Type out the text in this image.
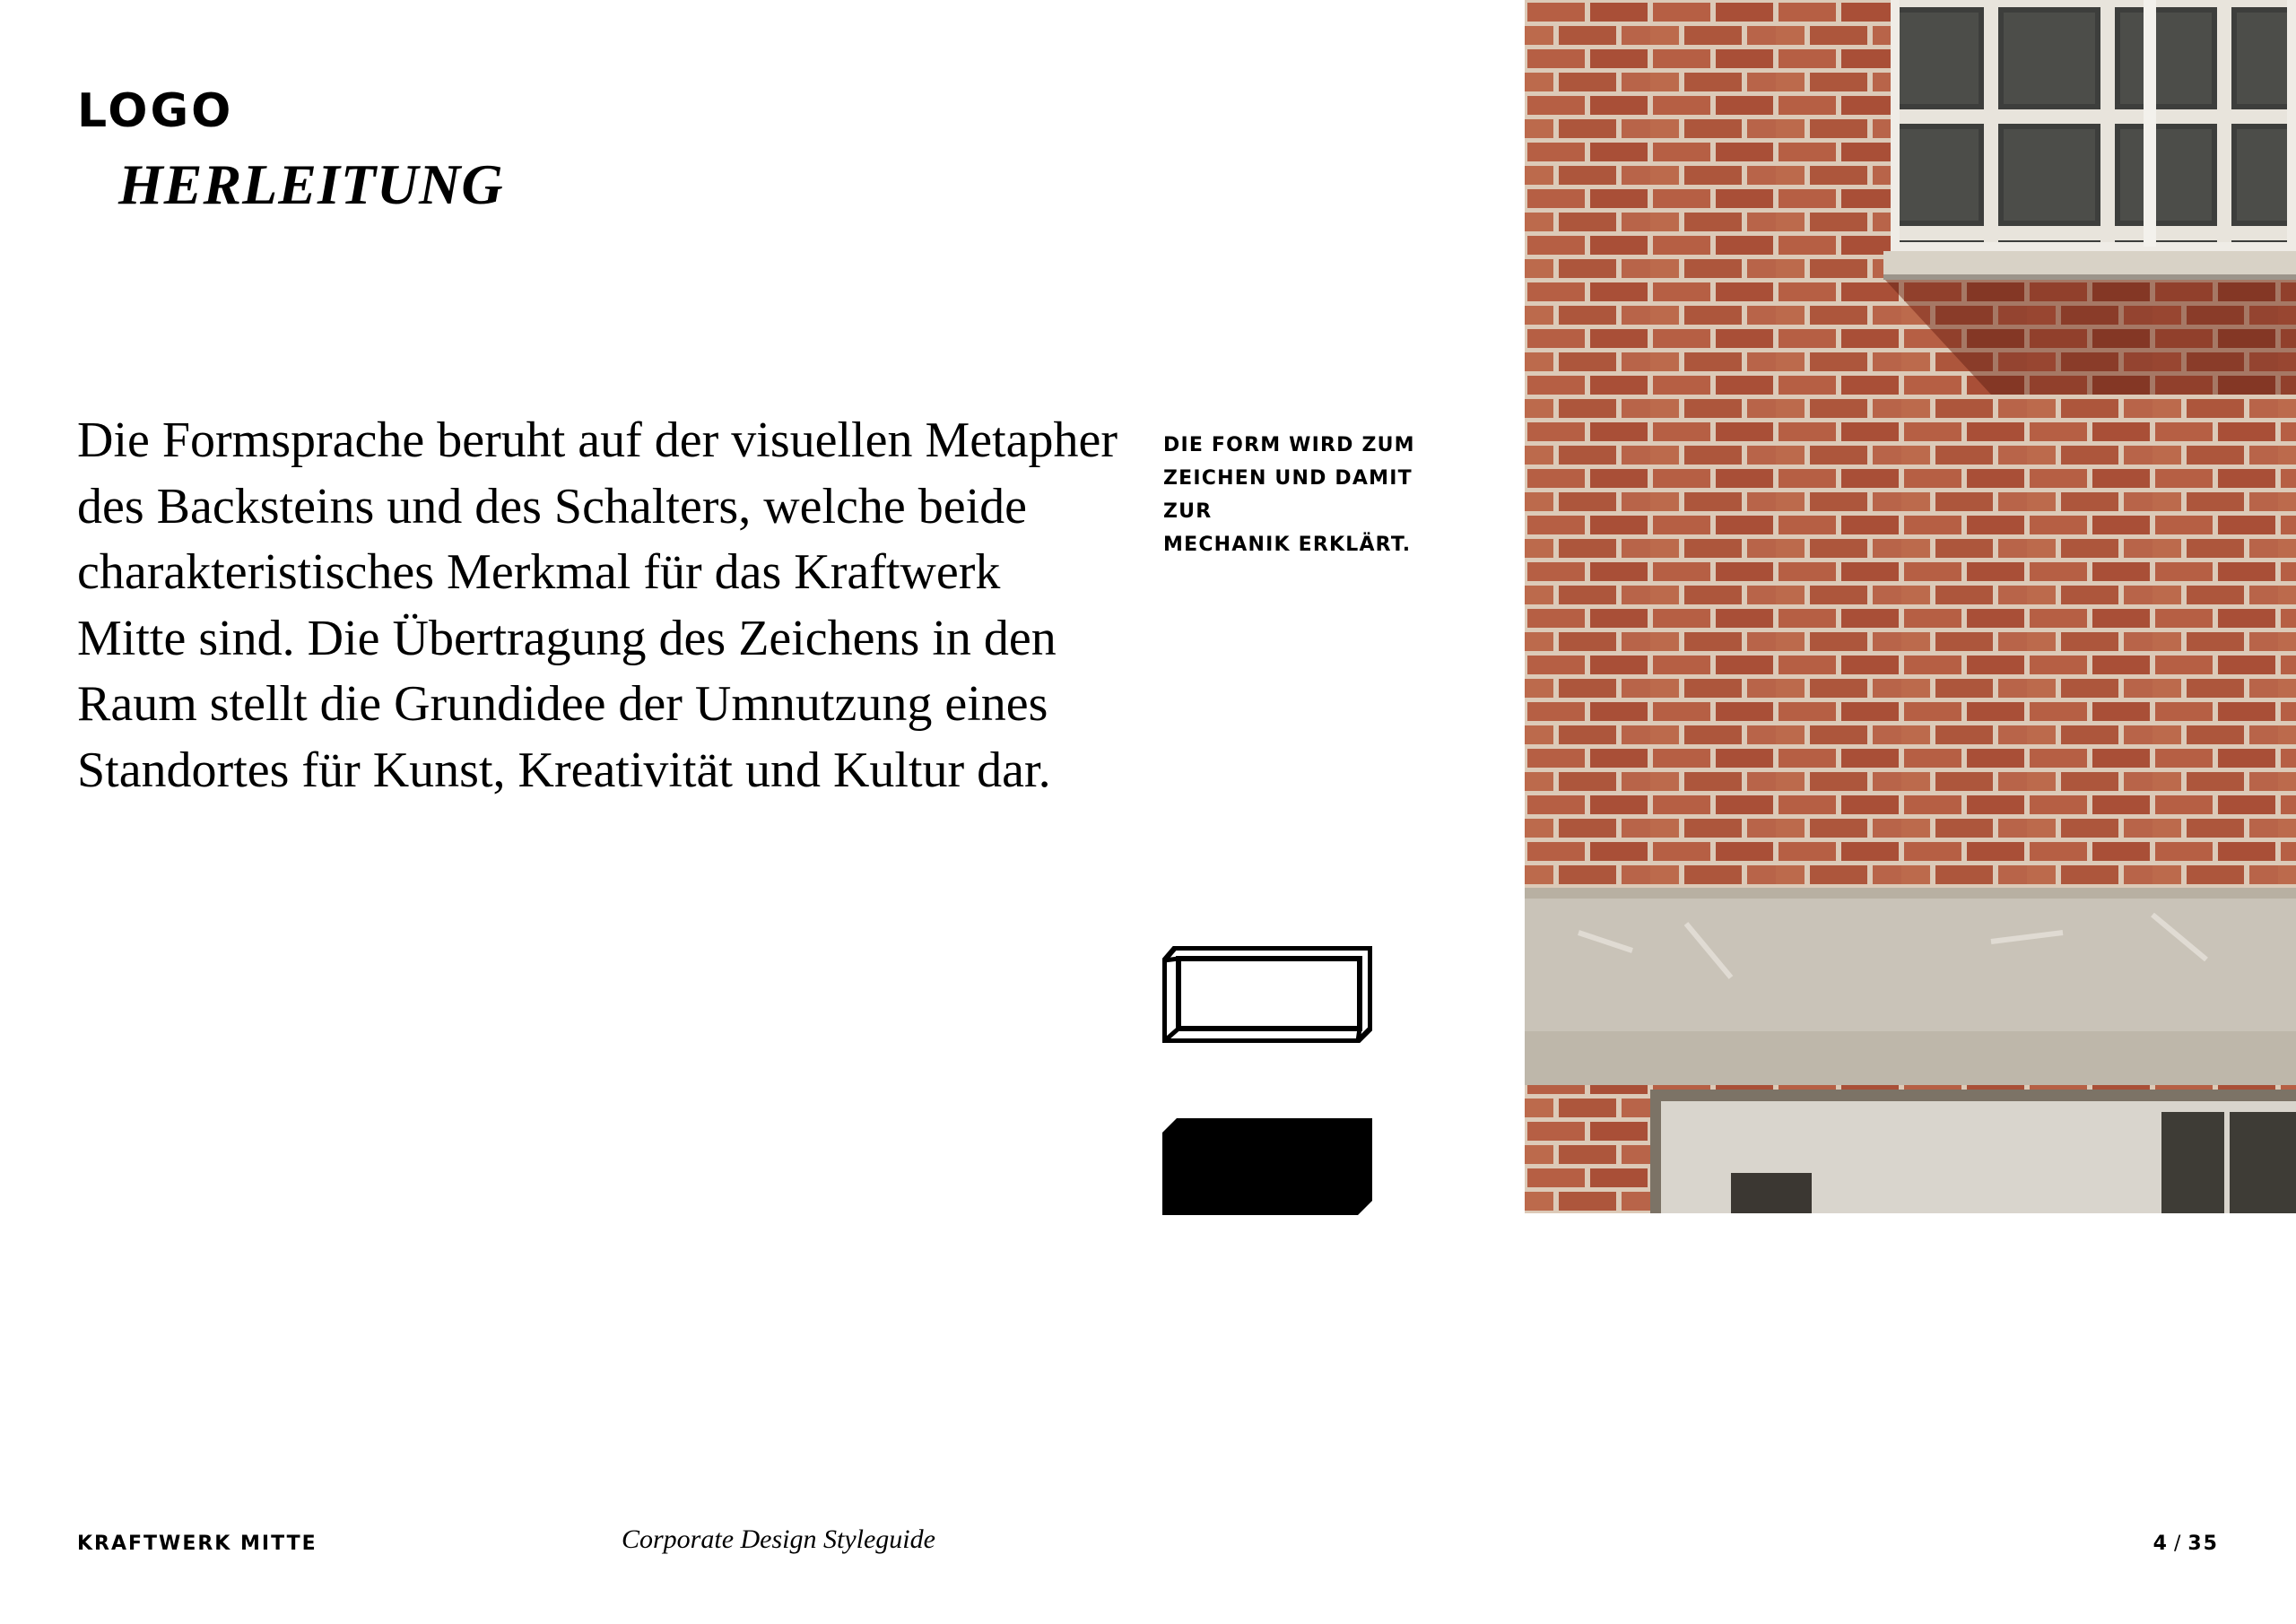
LOGO
HERLEITUNG

Die Formsprache beruht auf der visuellen Metapher
des Backsteins und des Schalters, welche beide
charakteristisches Merkmal für das Kraftwerk
Mitte sind. Die Übertragung des Zeichens in den
Raum stellt die Grundidee der Umnutzung eines
Standortes für Kunst, Kreativität und Kultur dar.

DIE FORM WIRD ZUM
ZEICHEN UND DAMIT ZUR
MECHANIK ERKLÄRT.

KRAFTWERK MITTE	Corporate Design Styleguide	4 / 35
